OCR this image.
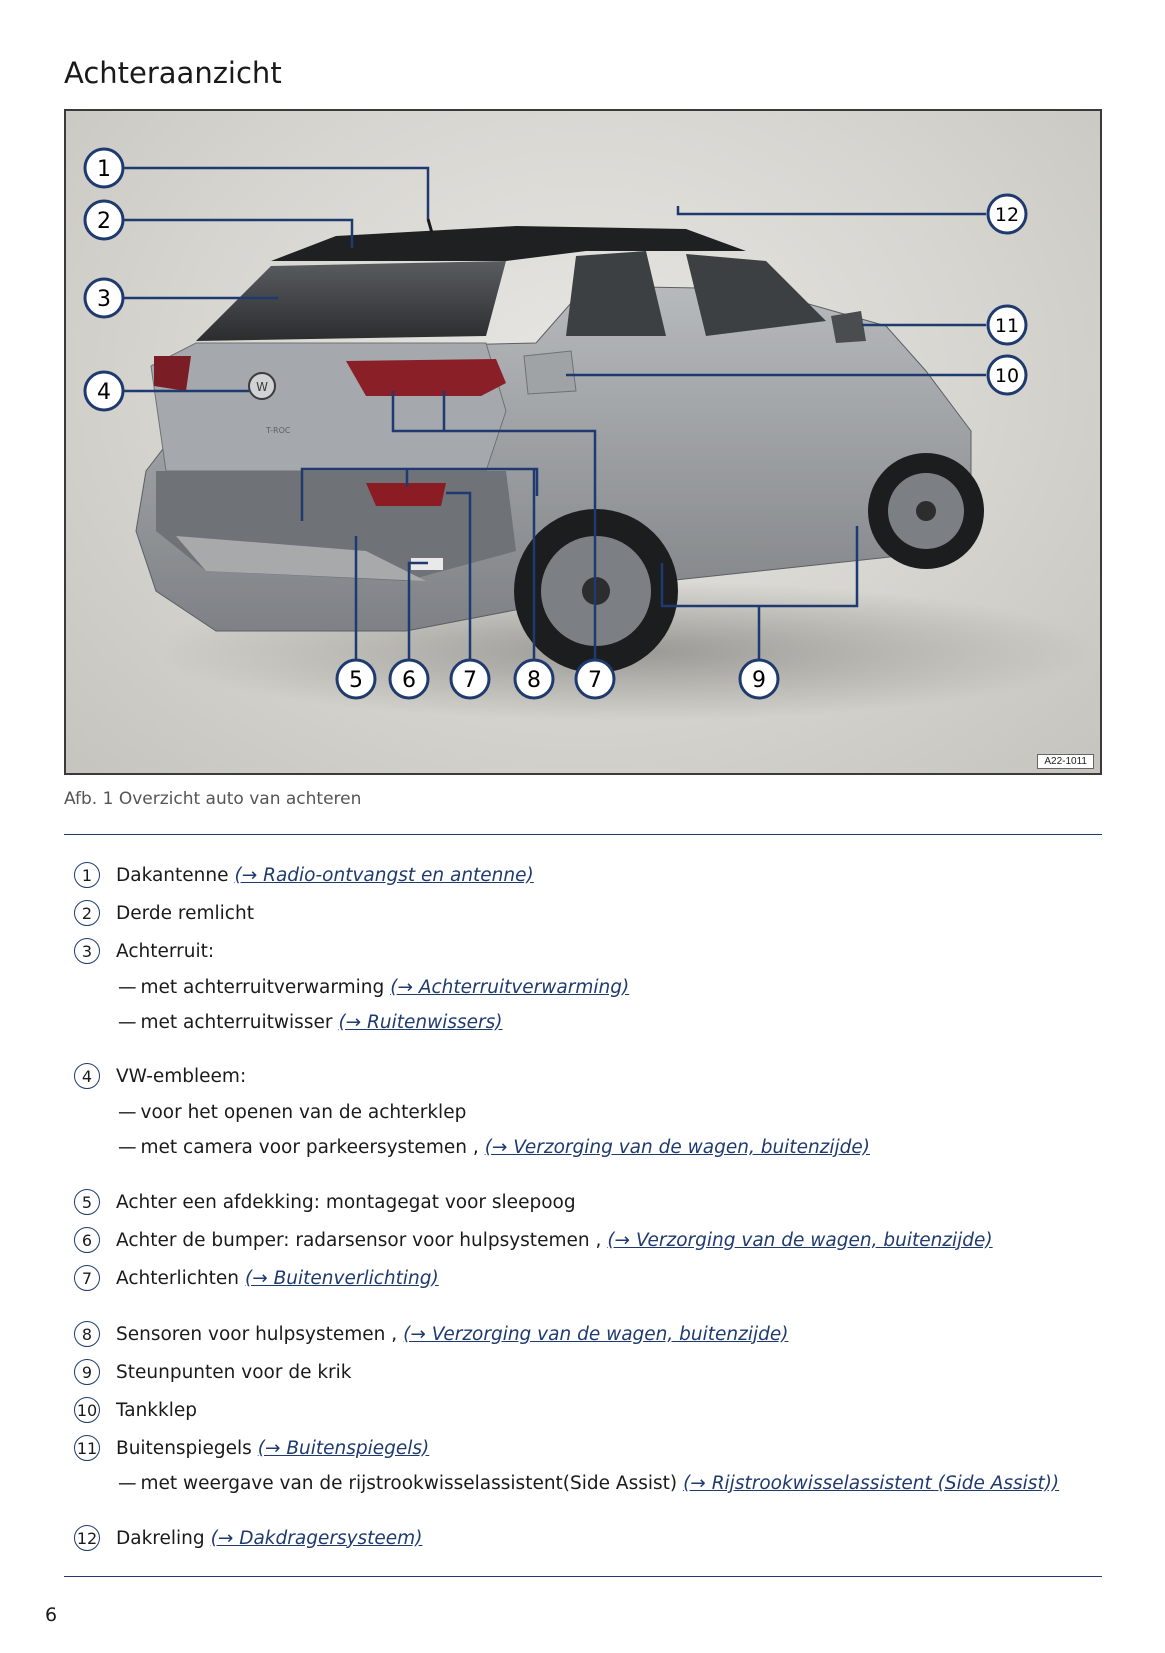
Achteraanzicht
W
T-ROC
1
2
3
4
5 6 7 8 7	9
10
11
12
A22-1011
Afb. 1 Overzicht auto van achteren
1	Dakantenne (→ Radio-ontvangst en antenne)
2	Derde remlicht
3	Achterruit:
— met achterruitverwarming (→ Achterruitverwarming)
— met achterruitwisser (→ Ruitenwissers)
4	VW-embleem:
— voor het openen van de achterklep
— met camera voor parkeersystemen , (→ Verzorging van de wagen, buitenzijde)
5	Achter een afdekking: montagegat voor sleepoog
6	Achter de bumper: radarsensor voor hulpsystemen , (→ Verzorging van de wagen, buitenzijde)
7	Achterlichten (→ Buitenverlichting)
8	Sensoren voor hulpsystemen , (→ Verzorging van de wagen, buitenzijde)
9	Steunpunten voor de krik
10 Tankklep
11 Buitenspiegels (→ Buitenspiegels)
— met weergave van de rijstrookwisselassistent(Side Assist) (→ Rijstrookwisselassistent (Side Assist))
12 Dakreling (→ Dakdragersysteem)
6
